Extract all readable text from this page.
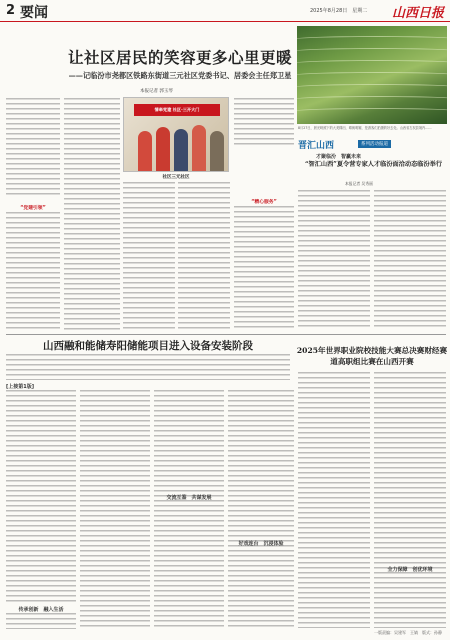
2 要闻	2025年8月28日　星期二 山西日报
让社区居民的笑容更多心里更暖
——记临汾市尧都区铁路东街道三元社区党委书记、居委会主任郑卫星
本报记者 郭玉琴
“党建引领”
情牵党建 社区·三开大门
社区三元社区
“精心服务”
8月27日，晨光映照下的大美梯田，晴朗明媚，是游客们拍摄的好去处。山西省左权县境内……
晋汇山西	系列活动报道
才聚临汾　智赢未来
“智汇山西”夏令营专家人才临汾面洽动态临汾举行
本报记者 吴秀丽
山西融和能储寿阳储能项目进入设备安装阶段
[上接第1版]
传承创新　融入生活
交流互鉴　共谋发展
好戏连台　沉浸体验
2025年世界职业院校技能大赛总决赛财经赛道高职组比赛在山西开赛
全力保障　创优环境
一版责编：吴建军　王婧　版式：孙静
